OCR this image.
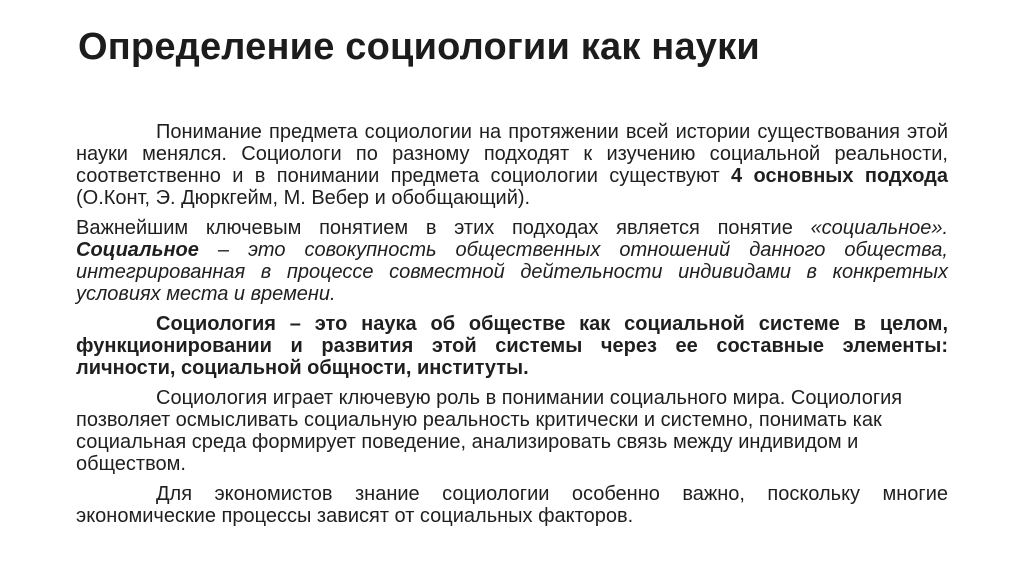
Определение социологии как науки

Понимание предмета социологии на протяжении всей истории существования этой науки менялся. Социологи по разному подходят к изучению социальной реальности, соответственно и в понимании предмета социологии существуют 4 основных подхода (О.Конт, Э. Дюркгейм, М. Вебер и обобщающий).

Важнейшим ключевым понятием в этих подходах является понятие «социальное». Социальное – это совокупность общественных отношений данного общества, интегрированная в процессе совместной дейтельности индивидами в конкретных условиях места и времени.

Социология – это наука об обществе как социальной системе в целом, функционировании и развития этой системы через ее составные элементы: личности, социальной общности, институты.

Социология играет ключевую роль в понимании социального мира. Социология позволяет осмысливать социальную реальность критически и системно, понимать как социальная среда формирует поведение, анализировать связь между индивидом и обществом.

Для экономистов знание социологии особенно важно, поскольку многие экономические процессы зависят от социальных факторов.
